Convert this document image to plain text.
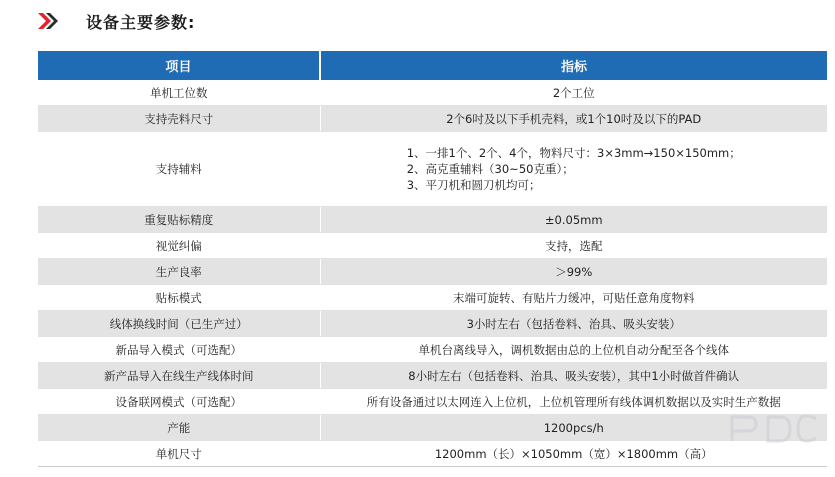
设备主要参数:
项目	指标
单机工位数	2个工位
支持壳料尺寸	2个6吋及以下手机壳料，或1个10吋及以下的PAD
支持辅料	1、一排1个、2个、4个，物料尺寸：3×3mm→150×150mm；
2、高克重辅料（30~50克重）；
3、平刀机和圆刀机均可；

重复贴标精度	±0.05mm
视觉纠偏	支持，选配
生产良率	＞99%
贴标模式	末端可旋转、有贴片力缓冲，可贴任意角度物料
线体换线时间（已生产过）	3小时左右（包括卷料、治具、吸头安装）
新品导入模式（可选配）	单机台离线导入，调机数据由总的上位机自动分配至各个线体
新产品导入在线生产线体时间	8小时左右（包括卷料、治具、吸头安装），其中1小时做首件确认
设备联网模式（可选配）	所有设备通过以太网连入上位机，上位机管理所有线体调机数据以及实时生产数据
产能	1200pcs/h
单机尺寸	1200mm（长）×1050mm（宽）×1800mm（高）
